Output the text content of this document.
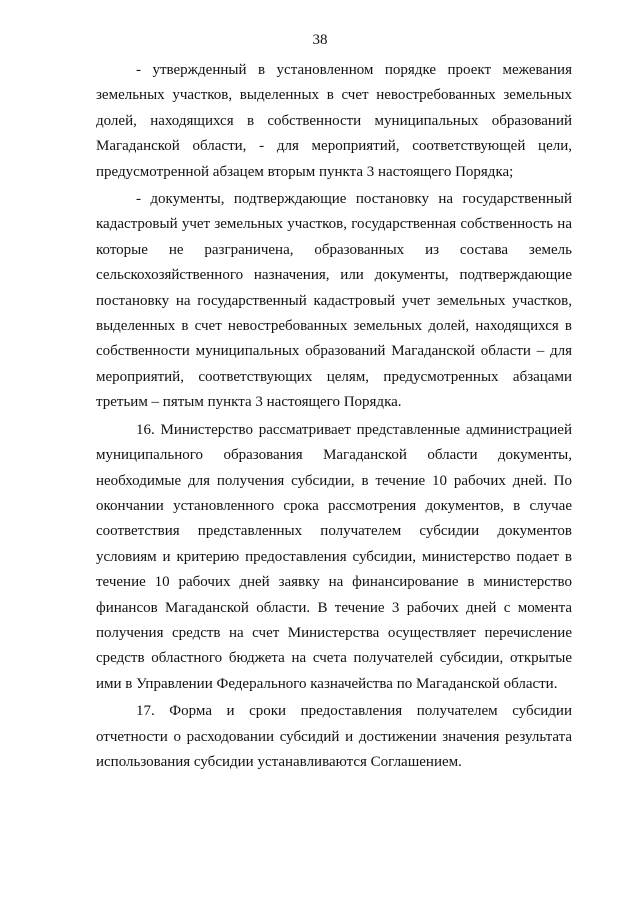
38

- утвержденный в установленном порядке проект межевания земельных участков, выделенных в счет невостребованных земельных долей, находящихся в собственности муниципальных образований Магаданской области, - для мероприятий, соответствующей цели, предусмотренной абзацем вторым пункта 3 настоящего Порядка;

- документы, подтверждающие постановку на государственный кадастровый учет земельных участков, государственная собственность на которые не разграничена, образованных из состава земель сельскохозяйственного назначения, или документы, подтверждающие постановку на государственный кадастровый учет земельных участков, выделенных в счет невостребованных земельных долей, находящихся в собственности муниципальных образований Магаданской области – для мероприятий, соответствующих целям, предусмотренных абзацами третьим – пятым пункта 3 настоящего Порядка.

16. Министерство рассматривает представленные администрацией муниципального образования Магаданской области документы, необходимые для получения субсидии, в течение 10 рабочих дней. По окончании установленного срока рассмотрения документов, в случае соответствия представленных получателем субсидии документов условиям и критерию предоставления субсидии, министерство подает в течение 10 рабочих дней заявку на финансирование в министерство финансов Магаданской области. В течение 3 рабочих дней с момента получения средств на счет Министерства осуществляет перечисление средств областного бюджета на счета получателей субсидии, открытые ими в Управлении Федерального казначейства по Магаданской области.

17. Форма и сроки предоставления получателем субсидии отчетности о расходовании субсидий и достижении значения результата использования субсидии устанавливаются Соглашением.
